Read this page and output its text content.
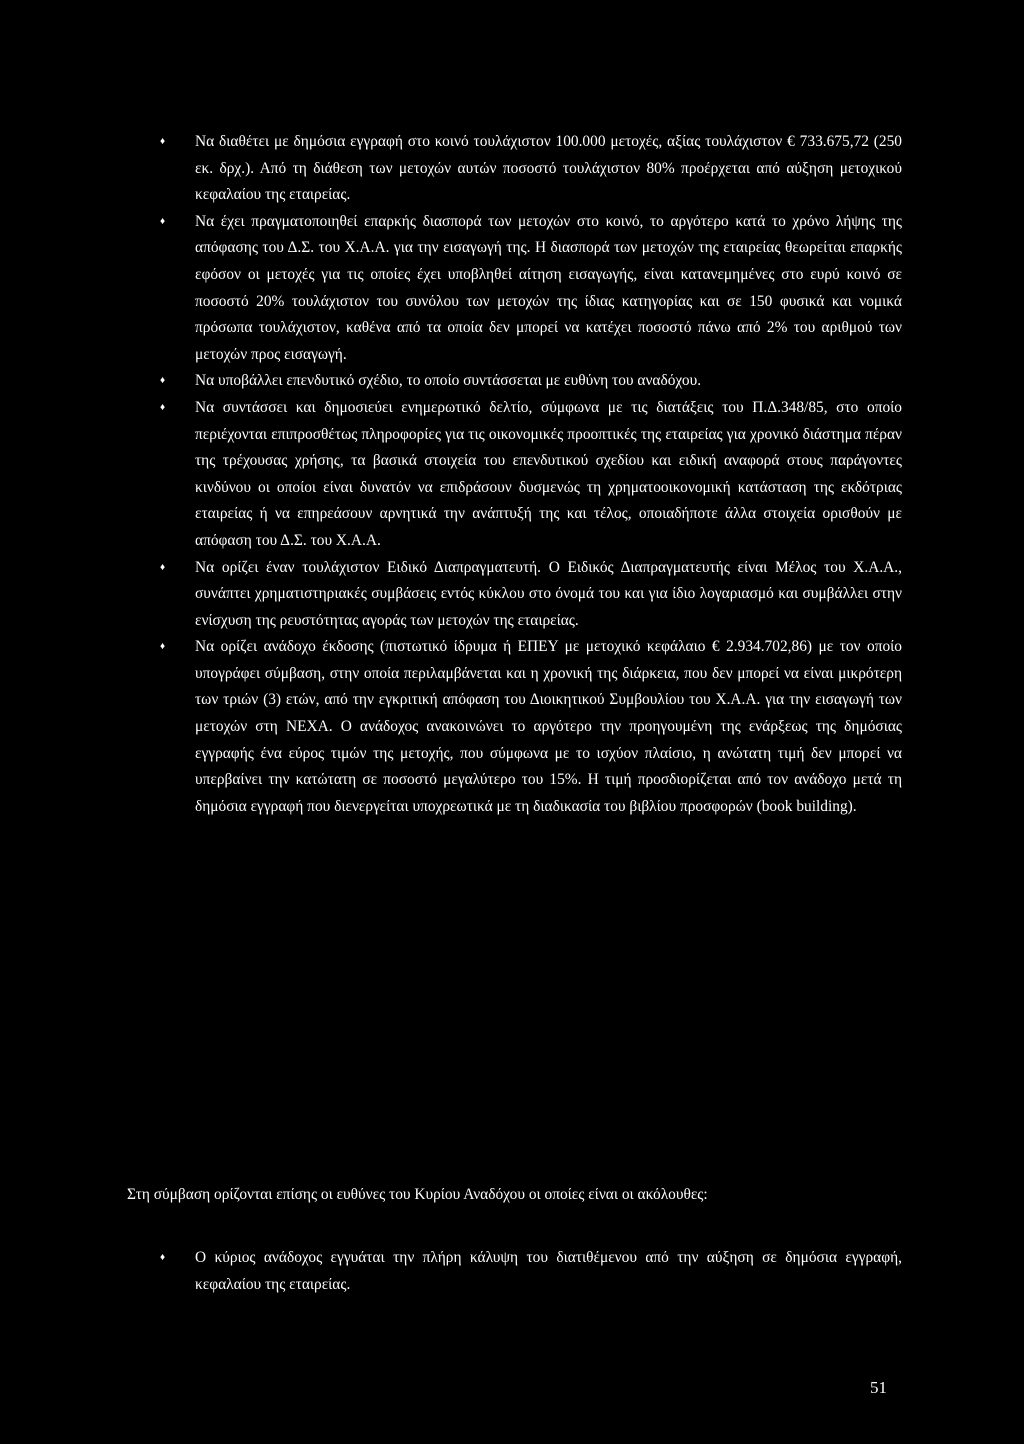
♦ Να διαθέτει με δημόσια εγγραφή στο κοινό τουλάχιστον 100.000 μετοχές, αξίας τουλάχιστον € 733.675,72 (250 εκ. δρχ.). Από τη διάθεση των μετοχών αυτών ποσοστό τουλάχιστον 80% προέρχεται από αύξηση μετοχικού κεφαλαίου της εταιρείας.
♦ Να έχει πραγματοποιηθεί επαρκής διασπορά των μετοχών στο κοινό, το αργότερο κατά το χρόνο λήψης της απόφασης του Δ.Σ. του Χ.Α.Α. για την εισαγωγή της. Η διασπορά των μετοχών της εταιρείας θεωρείται επαρκής εφόσον οι μετοχές για τις οποίες έχει υποβληθεί αίτηση εισαγωγής, είναι κατανεμημένες στο ευρύ κοινό σε ποσοστό 20% τουλάχιστον του συνόλου των μετοχών της ίδιας κατηγορίας και σε 150 φυσικά και νομικά πρόσωπα τουλάχιστον, καθένα από τα οποία δεν μπορεί να κατέχει ποσοστό πάνω από 2% του αριθμού των μετοχών προς εισαγωγή.
♦ Να υποβάλλει επενδυτικό σχέδιο, το οποίο συντάσσεται με ευθύνη του αναδόχου.
♦ Να συντάσσει και δημοσιεύει ενημερωτικό δελτίο, σύμφωνα με τις διατάξεις του Π.Δ.348/85, στο οποίο περιέχονται επιπροσθέτως πληροφορίες για τις οικονομικές προοπτικές της εταιρείας για χρονικό διάστημα πέραν της τρέχουσας χρήσης, τα βασικά στοιχεία του επενδυτικού σχεδίου και ειδική αναφορά στους παράγοντες κινδύνου οι οποίοι είναι δυνατόν να επιδράσουν δυσμενώς τη χρηματοοικονομική κατάσταση της εκδότριας εταιρείας ή να επηρεάσουν αρνητικά την ανάπτυξή της και τέλος, οποιαδήποτε άλλα στοιχεία ορισθούν με απόφαση του Δ.Σ. του Χ.Α.Α.
♦ Να ορίζει έναν τουλάχιστον Ειδικό Διαπραγματευτή. Ο Ειδικός Διαπραγματευτής είναι Μέλος του Χ.Α.Α., συνάπτει χρηματιστηριακές συμβάσεις εντός κύκλου στο όνομά του και για ίδιο λογαριασμό και συμβάλλει στην ενίσχυση της ρευστότητας αγοράς των μετοχών της εταιρείας.
♦ Να ορίζει ανάδοχο έκδοσης (πιστωτικό ίδρυμα ή ΕΠΕΥ με μετοχικό κεφάλαιο € 2.934.702,86) με τον οποίο υπογράφει σύμβαση, στην οποία περιλαμβάνεται και η χρονική της διάρκεια, που δεν μπορεί να είναι μικρότερη των τριών (3) ετών, από την εγκριτική απόφαση του Διοικητικού Συμβουλίου του Χ.Α.Α. για την εισαγωγή των μετοχών στη ΝΕΧΑ. Ο ανάδοχος ανακοινώνει το αργότερο την προηγουμένη της ενάρξεως της δημόσιας εγγραφής ένα εύρος τιμών της μετοχής, που σύμφωνα με το ισχύον πλαίσιο, η ανώτατη τιμή δεν μπορεί να υπερβαίνει την κατώτατη σε ποσοστό μεγαλύτερο του 15%. Η τιμή προσδιορίζεται από τον ανάδοχο μετά τη δημόσια εγγραφή που διενεργείται υποχρεωτικά με τη διαδικασία του βιβλίου προσφορών (book building).

Στη σύμβαση ορίζονται επίσης οι ευθύνες του Κυρίου Αναδόχου οι οποίες είναι οι ακόλουθες:

♦ Ο κύριος ανάδοχος εγγυάται την πλήρη κάλυψη του διατιθέμενου από την αύξηση σε δημόσια εγγραφή, κεφαλαίου της εταιρείας.
51
